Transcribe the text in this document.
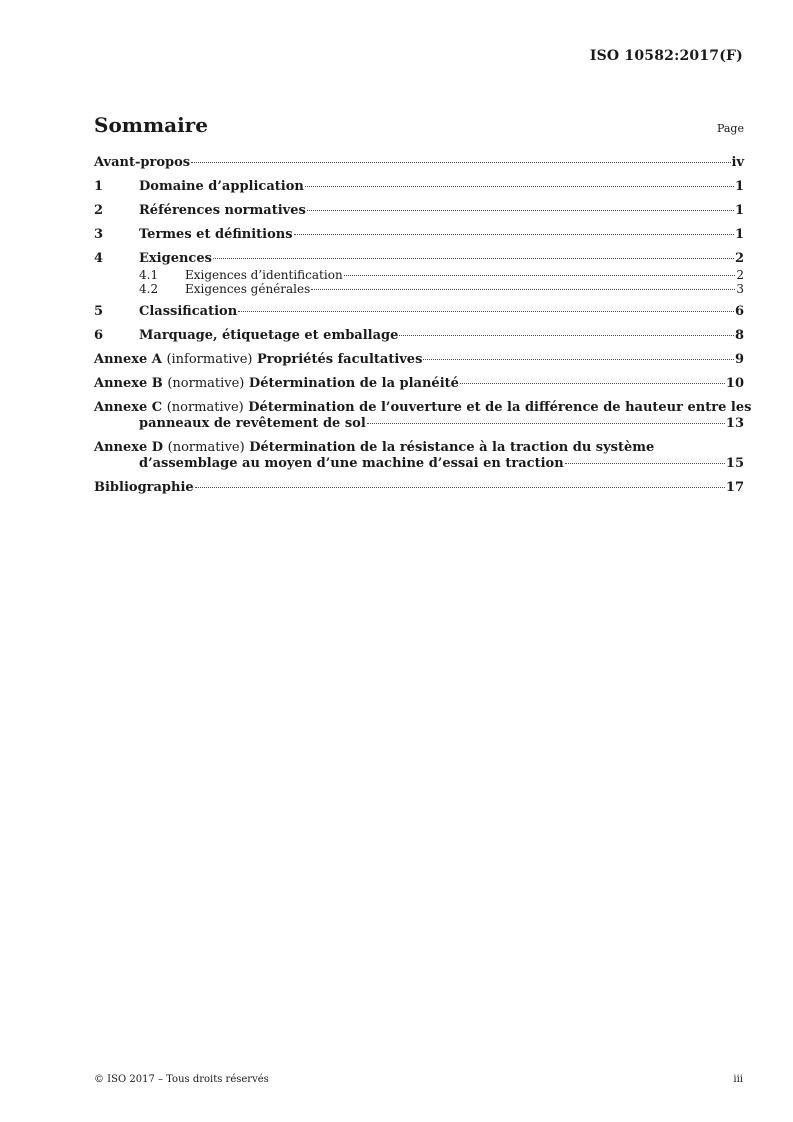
ISO 10582:2017(F)
Sommaire	Page
Avant-propos	iv
1	Domaine d’application	1
2	Références normatives	1
3	Termes et définitions	1
4	Exigences	2
4.1	Exigences d’identification	2
4.2	Exigences générales	3
5	Classification	6
6	Marquage, étiquetage et emballage	8
Annexe A (informative) Propriétés facultatives	9
Annexe B (normative) Détermination de la planéité	10
Annexe C (normative) Détermination de l’ouverture et de la différence de hauteur entre les
panneaux de revêtement de sol	13
Annexe D (normative) Détermination de la résistance à la traction du système
d’assemblage au moyen d’une machine d’essai en traction	15
Bibliographie	17
© ISO 2017 – Tous droits réservés	iii
